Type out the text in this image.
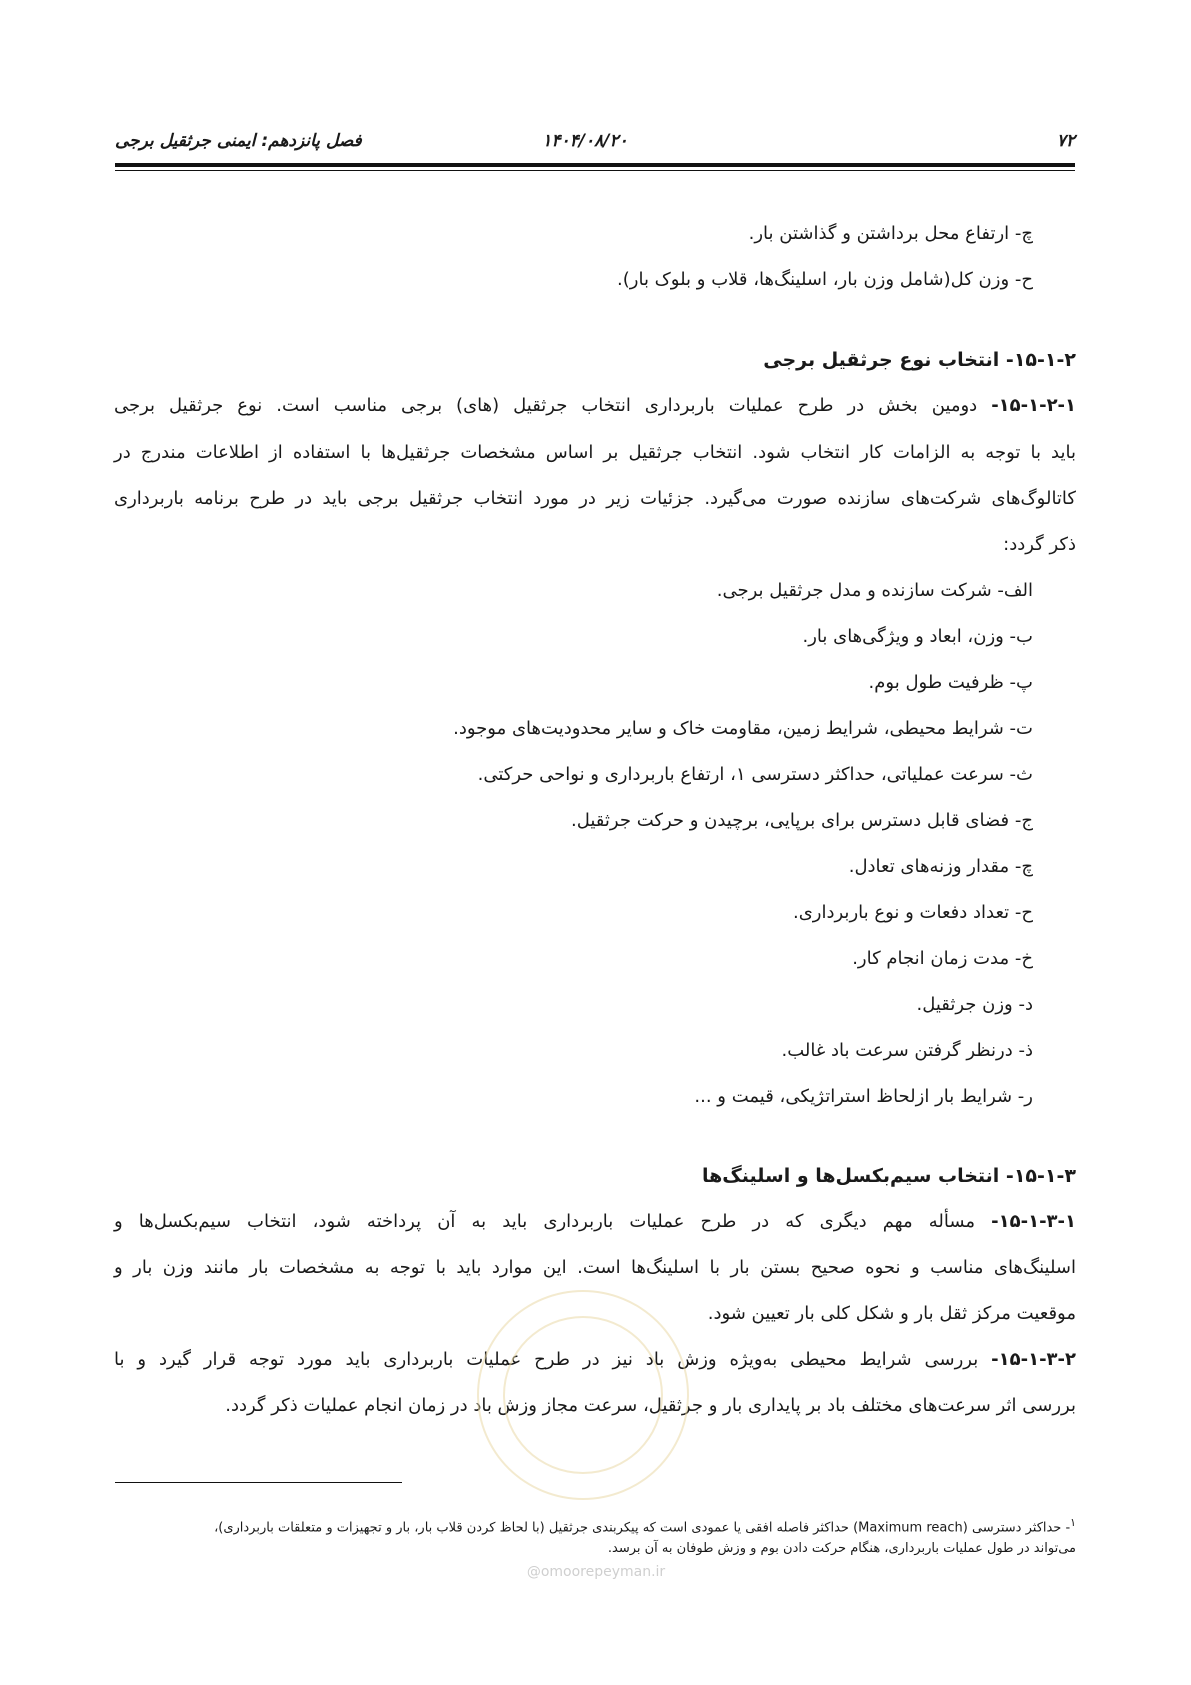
فصل پانزدهم: ایمنی جرثقیل برجی	۱۴۰۴/۰۸/۲۰	۷۲
چ- ارتفاع محل برداشتن و گذاشتن بار.
ح- وزن کل(شامل وزن بار، اسلینگ‌ها، قلاب و بلوک بار).
۱۵-۱-۲- انتخاب نوع جرثقیل برجی
۱۵-۱-۲-۱- دومین بخش در طرح عملیات باربرداری انتخاب جرثقیل (های) برجی مناسب است. نوع جرثقیل برجی
باید با توجه به الزامات کار انتخاب شود. انتخاب جرثقیل بر اساس مشخصات جرثقیل‌ها با استفاده از اطلاعات مندرج در
کاتالوگ‌های شرکت‌های سازنده صورت می‌گیرد. جزئیات زیر در مورد انتخاب جرثقیل برجی باید در طرح برنامه باربرداری
ذکر گردد:
الف- شرکت سازنده و مدل جرثقیل برجی.
ب- وزن، ابعاد و ویژگی‌های بار.
پ- ظرفیت طول بوم.
ت- شرایط محیطی، شرایط زمین، مقاومت خاک و سایر محدودیت‌های موجود.
ث- سرعت عملیاتی، حداکثر دسترسی ۱، ارتفاع باربرداری و نواحی حرکتی.
ج- فضای قابل دسترس برای برپایی، برچیدن و حرکت جرثقیل.
چ- مقدار وزنه‌های تعادل.
ح- تعداد دفعات و نوع باربرداری.
خ- مدت زمان انجام کار.
د- وزن جرثقیل.
ذ- درنظر گرفتن سرعت باد غالب.
ر- شرایط بار ازلحاظ استراتژیکی، قیمت و ...
۱۵-۱-۳- انتخاب سیم‌بکسل‌ها و اسلینگ‌ها
۱۵-۱-۳-۱- مسأله مهم دیگری که در طرح عملیات باربرداری باید به آن پرداخته شود، انتخاب سیم‌بکسل‌ها و
اسلینگ‌های مناسب و نحوه صحیح بستن بار با اسلینگ‌ها است. این موارد باید با توجه به مشخصات بار مانند وزن بار و
موقعیت مرکز ثقل بار و شکل کلی بار تعیین شود.
۱۵-۱-۳-۲- بررسی شرایط محیطی به‌ویژه وزش باد نیز در طرح عملیات باربرداری باید مورد توجه قرار گیرد و با
بررسی اثر سرعت‌های مختلف باد بر پایداری بار و جرثقیل، سرعت مجاز وزش باد در زمان انجام عملیات ذکر گردد.
$^۱$- حداکثر دسترسی (Maximum reach) حداکثر فاصله افقی یا عمودی است که پیکربندی جرثقیل (با لحاظ کردن قلاب بار، بار و تجهیزات و متعلقات باربرداری)،
می‌تواند در طول عملیات باربرداری، هنگام حرکت دادن بوم و وزش طوفان به آن برسد.
@omoorepeyman.ir
